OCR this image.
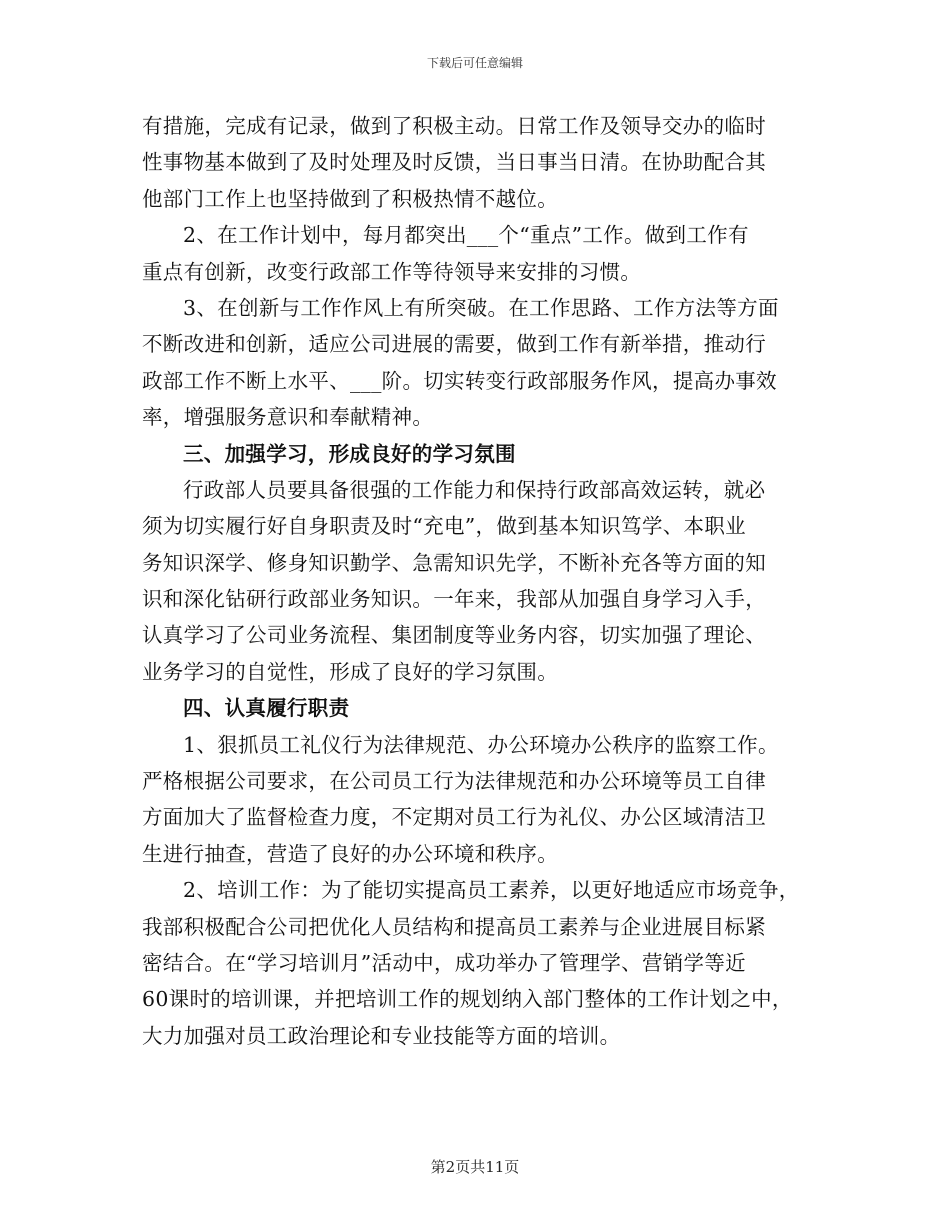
下载后可任意编辑
有措施，完成有记录，做到了积极主动。日常工作及领导交办的临时
性事物基本做到了及时处理及时反馈，当日事当日清。在协助配合其
他部门工作上也坚持做到了积极热情不越位。
2、在工作计划中，每月都突出___个“重点”工作。做到工作有
重点有创新，改变行政部工作等待领导来安排的习惯。
3、在创新与工作作风上有所突破。在工作思路、工作方法等方面
不断改进和创新，适应公司进展的需要，做到工作有新举措，推动行
政部工作不断上水平、___阶。切实转变行政部服务作风，提高办事效
率，增强服务意识和奉献精神。
三、加强学习，形成良好的学习氛围
行政部人员要具备很强的工作能力和保持行政部高效运转，就必
须为切实履行好自身职责及时“充电”，做到基本知识笃学、本职业
务知识深学、修身知识勤学、急需知识先学，不断补充各等方面的知
识和深化钻研行政部业务知识。一年来，我部从加强自身学习入手，
认真学习了公司业务流程、集团制度等业务内容，切实加强了理论、
业务学习的自觉性，形成了良好的学习氛围。
四、认真履行职责
1、狠抓员工礼仪行为法律规范、办公环境办公秩序的监察工作。
严格根据公司要求，在公司员工行为法律规范和办公环境等员工自律
方面加大了监督检查力度，不定期对员工行为礼仪、办公区域清洁卫
生进行抽查，营造了良好的办公环境和秩序。
2、培训工作：为了能切实提高员工素养，以更好地适应市场竞争，
我部积极配合公司把优化人员结构和提高员工素养与企业进展目标紧
密结合。在“学习培训月”活动中，成功举办了管理学、营销学等近
60课时的培训课，并把培训工作的规划纳入部门整体的工作计划之中，
大力加强对员工政治理论和专业技能等方面的培训。
第2页共11页
